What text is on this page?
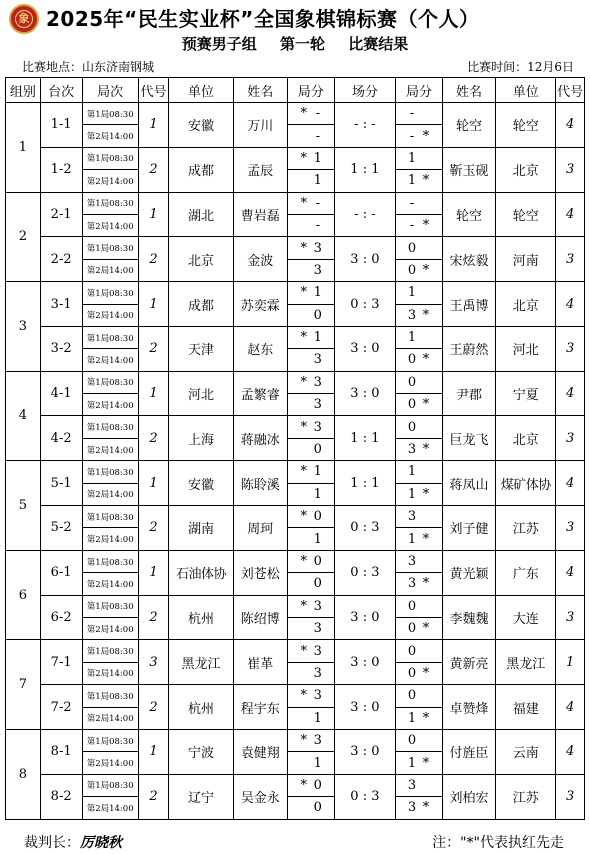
象 2025年“民生实业杯”全国象棋锦标赛（个人）
预赛男子组 第一轮 比赛结果
比赛地点：山东济南钢城	比赛时间：12月6日
组别	台次	局次	代号	单位	姓名	局分	场分	局分	姓名	单位	代号
1	1-1	第1局08:30	1	安徽	万川	* -	- : -	-	轮空	轮空	4
		第2局14:00				-		- *			
	1-2	第1局08:30	2	成都	孟辰	* 1	1 : 1	1	靳玉砚	北京	3
		第2局14:00				1		1 *			
2	2-1	第1局08:30	1	湖北	曹岩磊	* -	- : -	-	轮空	轮空	4
		第2局14:00				-		- *			
	2-2	第1局08:30	2	北京	金波	* 3	3 : 0	0	宋炫毅	河南	3
		第2局14:00				3		0 *			
3	3-1	第1局08:30	1	成都	苏奕霖	* 1	0 : 3	1	王禹博	北京	4
		第2局14:00				0		3 *			
	3-2	第1局08:30	2	天津	赵东	* 1	3 : 0	1	王蔚然	河北	3
		第2局14:00				3		0 *			
4	4-1	第1局08:30	1	河北	孟繁睿	* 3	3 : 0	0	尹郡	宁夏	4
		第2局14:00				3		0 *			
	4-2	第1局08:30	2	上海	蒋融冰	* 3	1 : 1	0	巨龙飞	北京	3
		第2局14:00				0		3 *			
5	5-1	第1局08:30	1	安徽	陈聆溪	* 1	1 : 1	1	蒋凤山	煤矿体协	4
		第2局14:00				1		1 *			
	5-2	第1局08:30	2	湖南	周珂	* 0	0 : 3	3	刘子健	江苏	3
		第2局14:00				1		1 *			
6	6-1	第1局08:30	1	石油体协	刘苍松	* 0	0 : 3	3	黄光颖	广东	4
		第2局14:00				0		3 *			
	6-2	第1局08:30	2	杭州	陈绍博	* 3	3 : 0	0	李魏魏	大连	3
		第2局14:00				3		0 *			
7	7-1	第1局08:30	3	黑龙江	崔革	* 3	3 : 0	0	黄新亮	黑龙江	1
		第2局14:00				3		0 *			
	7-2	第1局08:30	2	杭州	程宇东	* 3	3 : 0	0	卓赞烽	福建	4
		第2局14:00				1		1 *			
8	8-1	第1局08:30	1	宁波	袁健翔	* 3	3 : 0	0	付旌臣	云南	4
		第2局14:00				1		1 *			
	8-2	第1局08:30	2	辽宁	吴金永	* 0	0 : 3	3	刘柏宏	江苏	3
		第2局14:00				0		3 *			
裁判长：厉晓秋	注："*"代表执红先走
